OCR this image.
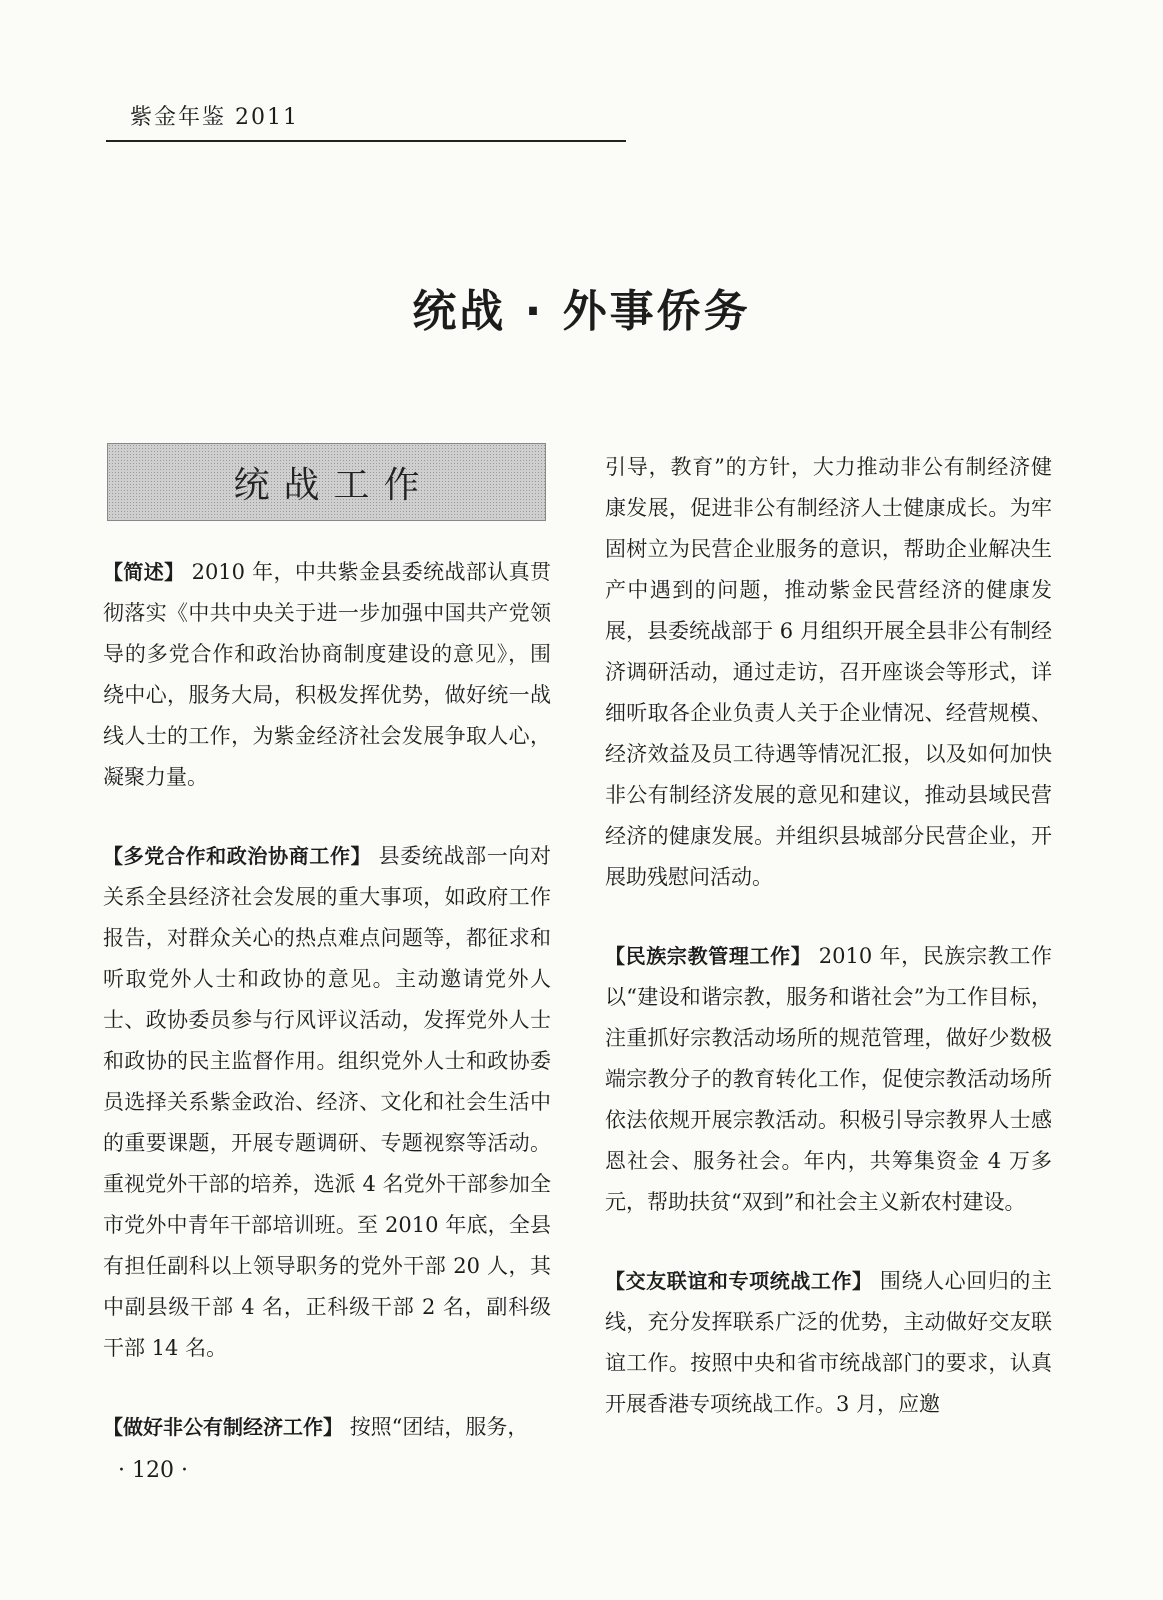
紫金年鉴 2011
统战 · 外事侨务
统战工作

【简述】 2010 年，中共紫金县委统战部认真贯彻落实《中共中央关于进一步加强中国共产党领导的多党合作和政治协商制度建设的意见》，围绕中心，服务大局，积极发挥优势，做好统一战线人士的工作，为紫金经济社会发展争取人心，凝聚力量。

【多党合作和政治协商工作】 县委统战部一向对关系全县经济社会发展的重大事项，如政府工作报告，对群众关心的热点难点问题等，都征求和听取党外人士和政协的意见。主动邀请党外人士、政协委员参与行风评议活动，发挥党外人士和政协的民主监督作用。组织党外人士和政协委员选择关系紫金政治、经济、文化和社会生活中的重要课题，开展专题调研、专题视察等活动。重视党外干部的培养，选派 4 名党外干部参加全市党外中青年干部培训班。至 2010 年底，全县有担任副科以上领导职务的党外干部 20 人，其中副县级干部 4 名，正科级干部 2 名，副科级干部 14 名。

【做好非公有制经济工作】 按照“团结，服务，

引导，教育”的方针，大力推动非公有制经济健康发展，促进非公有制经济人士健康成长。为牢固树立为民营企业服务的意识，帮助企业解决生产中遇到的问题，推动紫金民营经济的健康发展，县委统战部于 6 月组织开展全县非公有制经济调研活动，通过走访，召开座谈会等形式，详细听取各企业负责人关于企业情况、经营规模、经济效益及员工待遇等情况汇报，以及如何加快非公有制经济发展的意见和建议，推动县域民营经济的健康发展。并组织县城部分民营企业，开展助残慰问活动。

【民族宗教管理工作】 2010 年，民族宗教工作以“建设和谐宗教，服务和谐社会”为工作目标，注重抓好宗教活动场所的规范管理，做好少数极端宗教分子的教育转化工作，促使宗教活动场所依法依规开展宗教活动。积极引导宗教界人士感恩社会、服务社会。年内，共筹集资金 4 万多元，帮助扶贫“双到”和社会主义新农村建设。

【交友联谊和专项统战工作】 围绕人心回归的主线，充分发挥联系广泛的优势，主动做好交友联谊工作。按照中央和省市统战部门的要求，认真开展香港专项统战工作。3 月，应邀

· 120 ·
